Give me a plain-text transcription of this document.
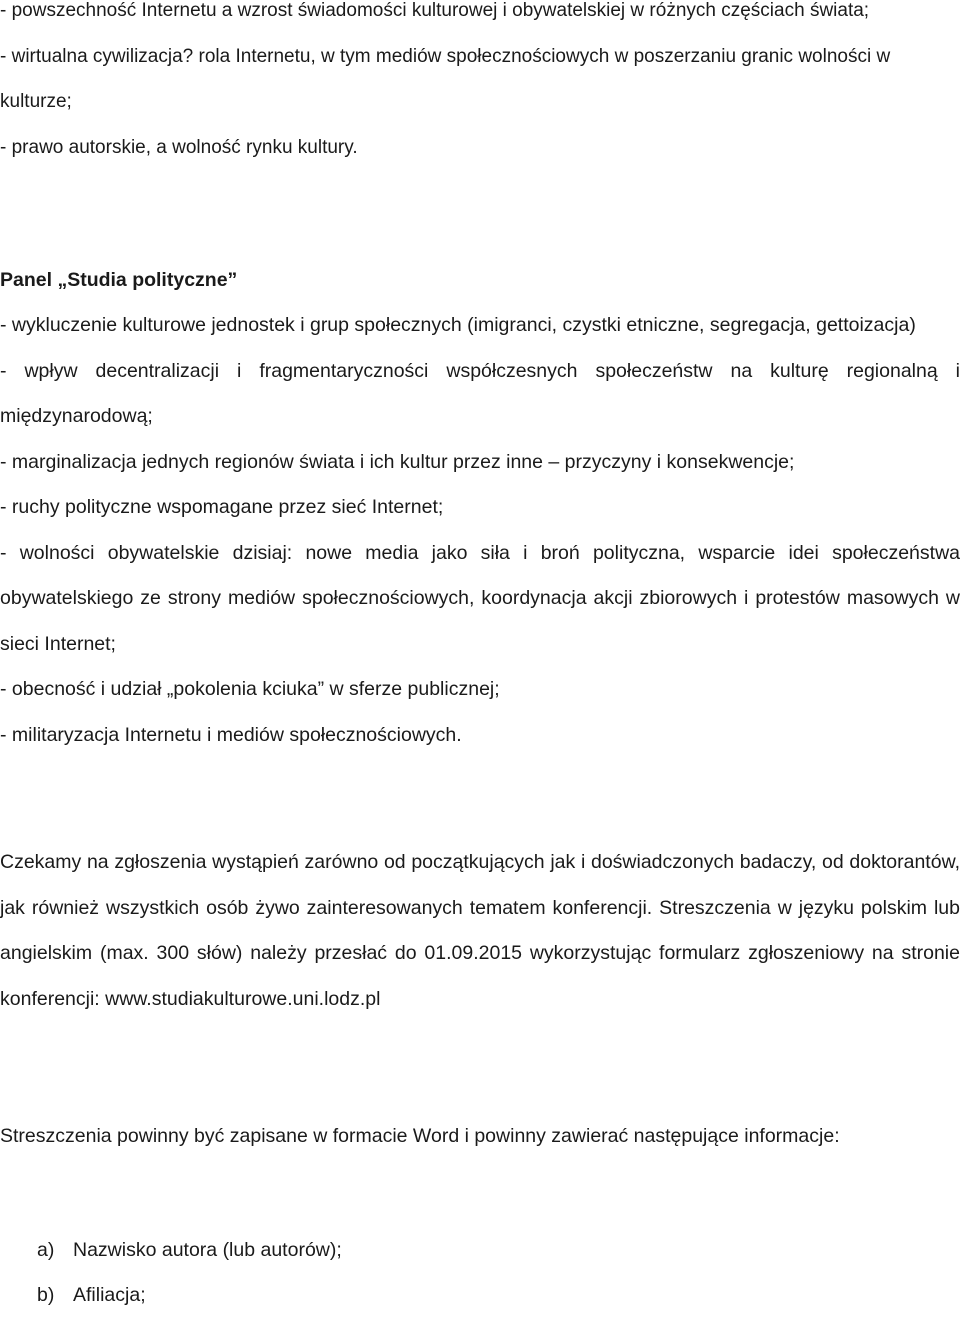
- powszechność Internetu a wzrost świadomości kulturowej i obywatelskiej w różnych częściach świata;
- wirtualna cywilizacja? rola Internetu, w tym mediów społecznościowych w poszerzaniu granic wolności w kulturze;
- prawo autorskie, a wolność rynku kultury.
Panel „Studia polityczne”
- wykluczenie kulturowe jednostek i grup społecznych (imigranci, czystki etniczne, segregacja, gettoizacja)
- wpływ decentralizacji i fragmentaryczności współczesnych społeczeństw na kulturę regionalną i międzynarodową;
- marginalizacja jednych regionów świata i ich kultur przez inne – przyczyny i konsekwencje;
- ruchy polityczne wspomagane przez sieć Internet;
- wolności obywatelskie dzisiaj: nowe media jako siła i broń polityczna, wsparcie idei społeczeństwa obywatelskiego ze strony mediów społecznościowych, koordynacja akcji zbiorowych i protestów masowych w sieci Internet;
- obecność i udział „pokolenia kciuka” w sferze publicznej;
- militaryzacja Internetu i mediów społecznościowych.

Czekamy na zgłoszenia wystąpień zarówno od początkujących jak i doświadczonych badaczy, od doktorantów, jak również wszystkich osób żywo zainteresowanych tematem konferencji. Streszczenia w języku polskim lub angielskim (max. 300 słów) należy przesłać do 01.09.2015 wykorzystując formularz zgłoszeniowy na stronie konferencji: www.studiakulturowe.uni.lodz.pl

Streszczenia powinny być zapisane w formacie Word i powinny zawierać następujące informacje:

a) Nazwisko autora (lub autorów);
b) Afiliacja;
